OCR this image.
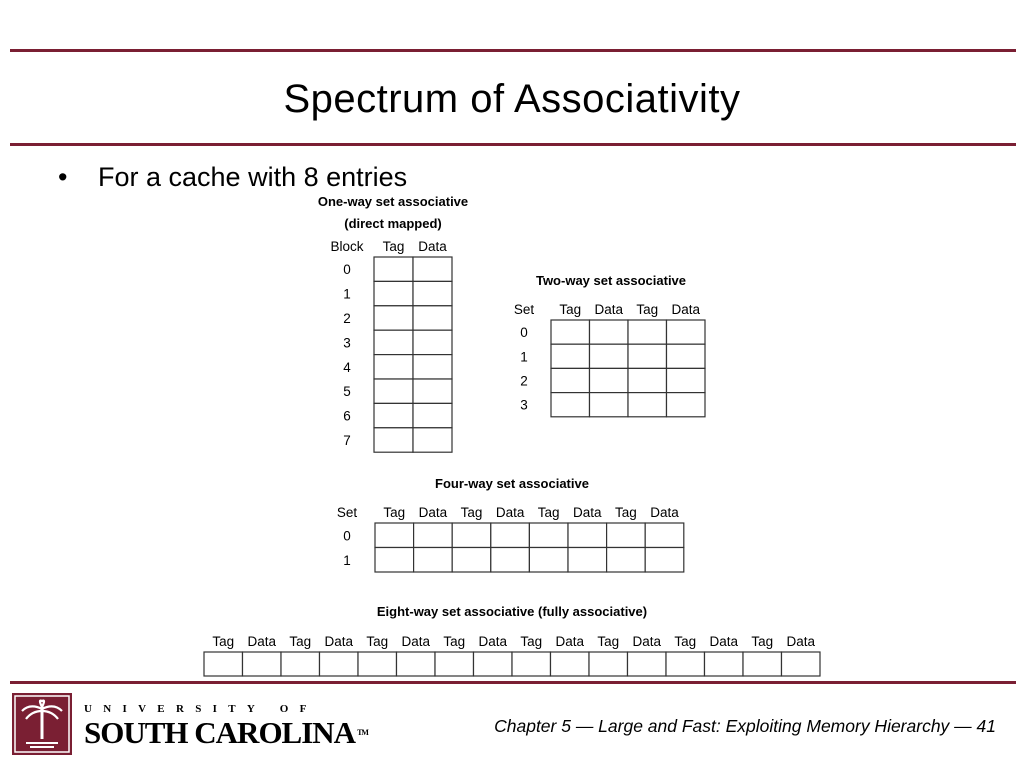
Spectrum of Associativity
• For a cache with 8 entries
One-way set associative
(direct mapped)
Block Tag Data
0
1
2
3
4
5
6
7
Two-way set associative
Set Tag Data Tag Data
0
1
2
3
Four-way set associative
Set Tag Data Tag Data Tag Data Tag Data
0
1
Eight-way set associative (fully associative)
Tag Data Tag Data Tag Data Tag Data Tag Data Tag Data Tag Data Tag Data
UNIVERSITY OF
SOUTH CAROLINA TM	Chapter 5 — Large and Fast: Exploiting Memory Hierarchy — 41
